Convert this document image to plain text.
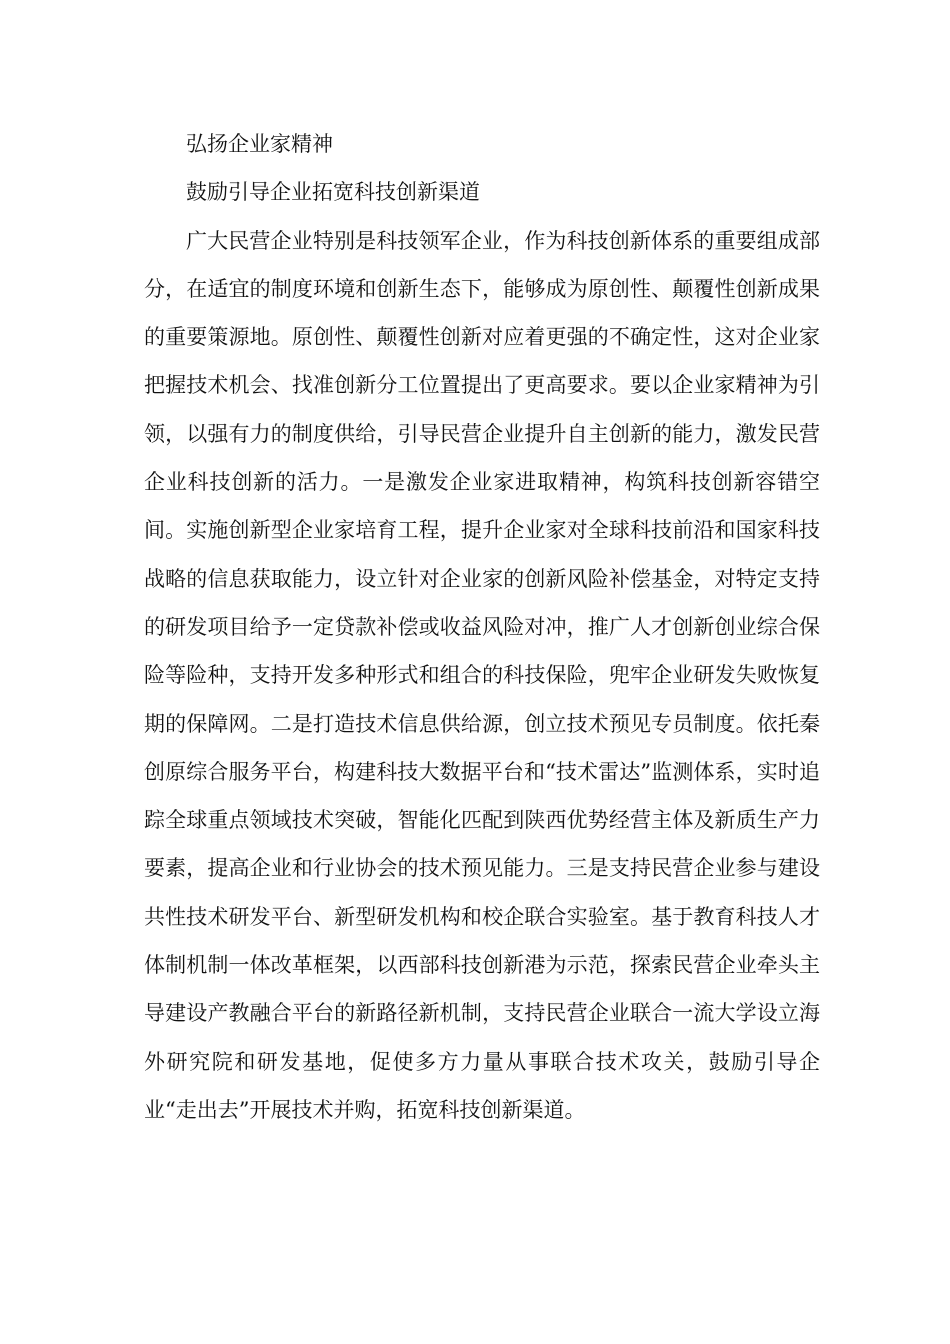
弘扬企业家精神
鼓励引导企业拓宽科技创新渠道

广大民营企业特别是科技领军企业，作为科技创新体系的重要组成部分，在适宜的制度环境和创新生态下，能够成为原创性、颠覆性创新成果的重要策源地。原创性、颠覆性创新对应着更强的不确定性，这对企业家把握技术机会、找准创新分工位置提出了更高要求。要以企业家精神为引领，以强有力的制度供给，引导民营企业提升自主创新的能力，激发民营企业科技创新的活力。一是激发企业家进取精神，构筑科技创新容错空间。实施创新型企业家培育工程，提升企业家对全球科技前沿和国家科技战略的信息获取能力，设立针对企业家的创新风险补偿基金，对特定支持的研发项目给予一定贷款补偿或收益风险对冲，推广人才创新创业综合保险等险种，支持开发多种形式和组合的科技保险，兜牢企业研发失败恢复期的保障网。二是打造技术信息供给源，创立技术预见专员制度。依托秦创原综合服务平台，构建科技大数据平台和“技术雷达”监测体系，实时追踪全球重点领域技术突破，智能化匹配到陕西优势经营主体及新质生产力要素，提高企业和行业协会的技术预见能力。三是支持民营企业参与建设共性技术研发平台、新型研发机构和校企联合实验室。基于教育科技人才体制机制一体改革框架，以西部科技创新港为示范，探索民营企业牵头主导建设产教融合平台的新路径新机制，支持民营企业联合一流大学设立海外研究院和研发基地，促使多方力量从事联合技术攻关，鼓励引导企业“走出去”开展技术并购，拓宽科技创新渠道。
